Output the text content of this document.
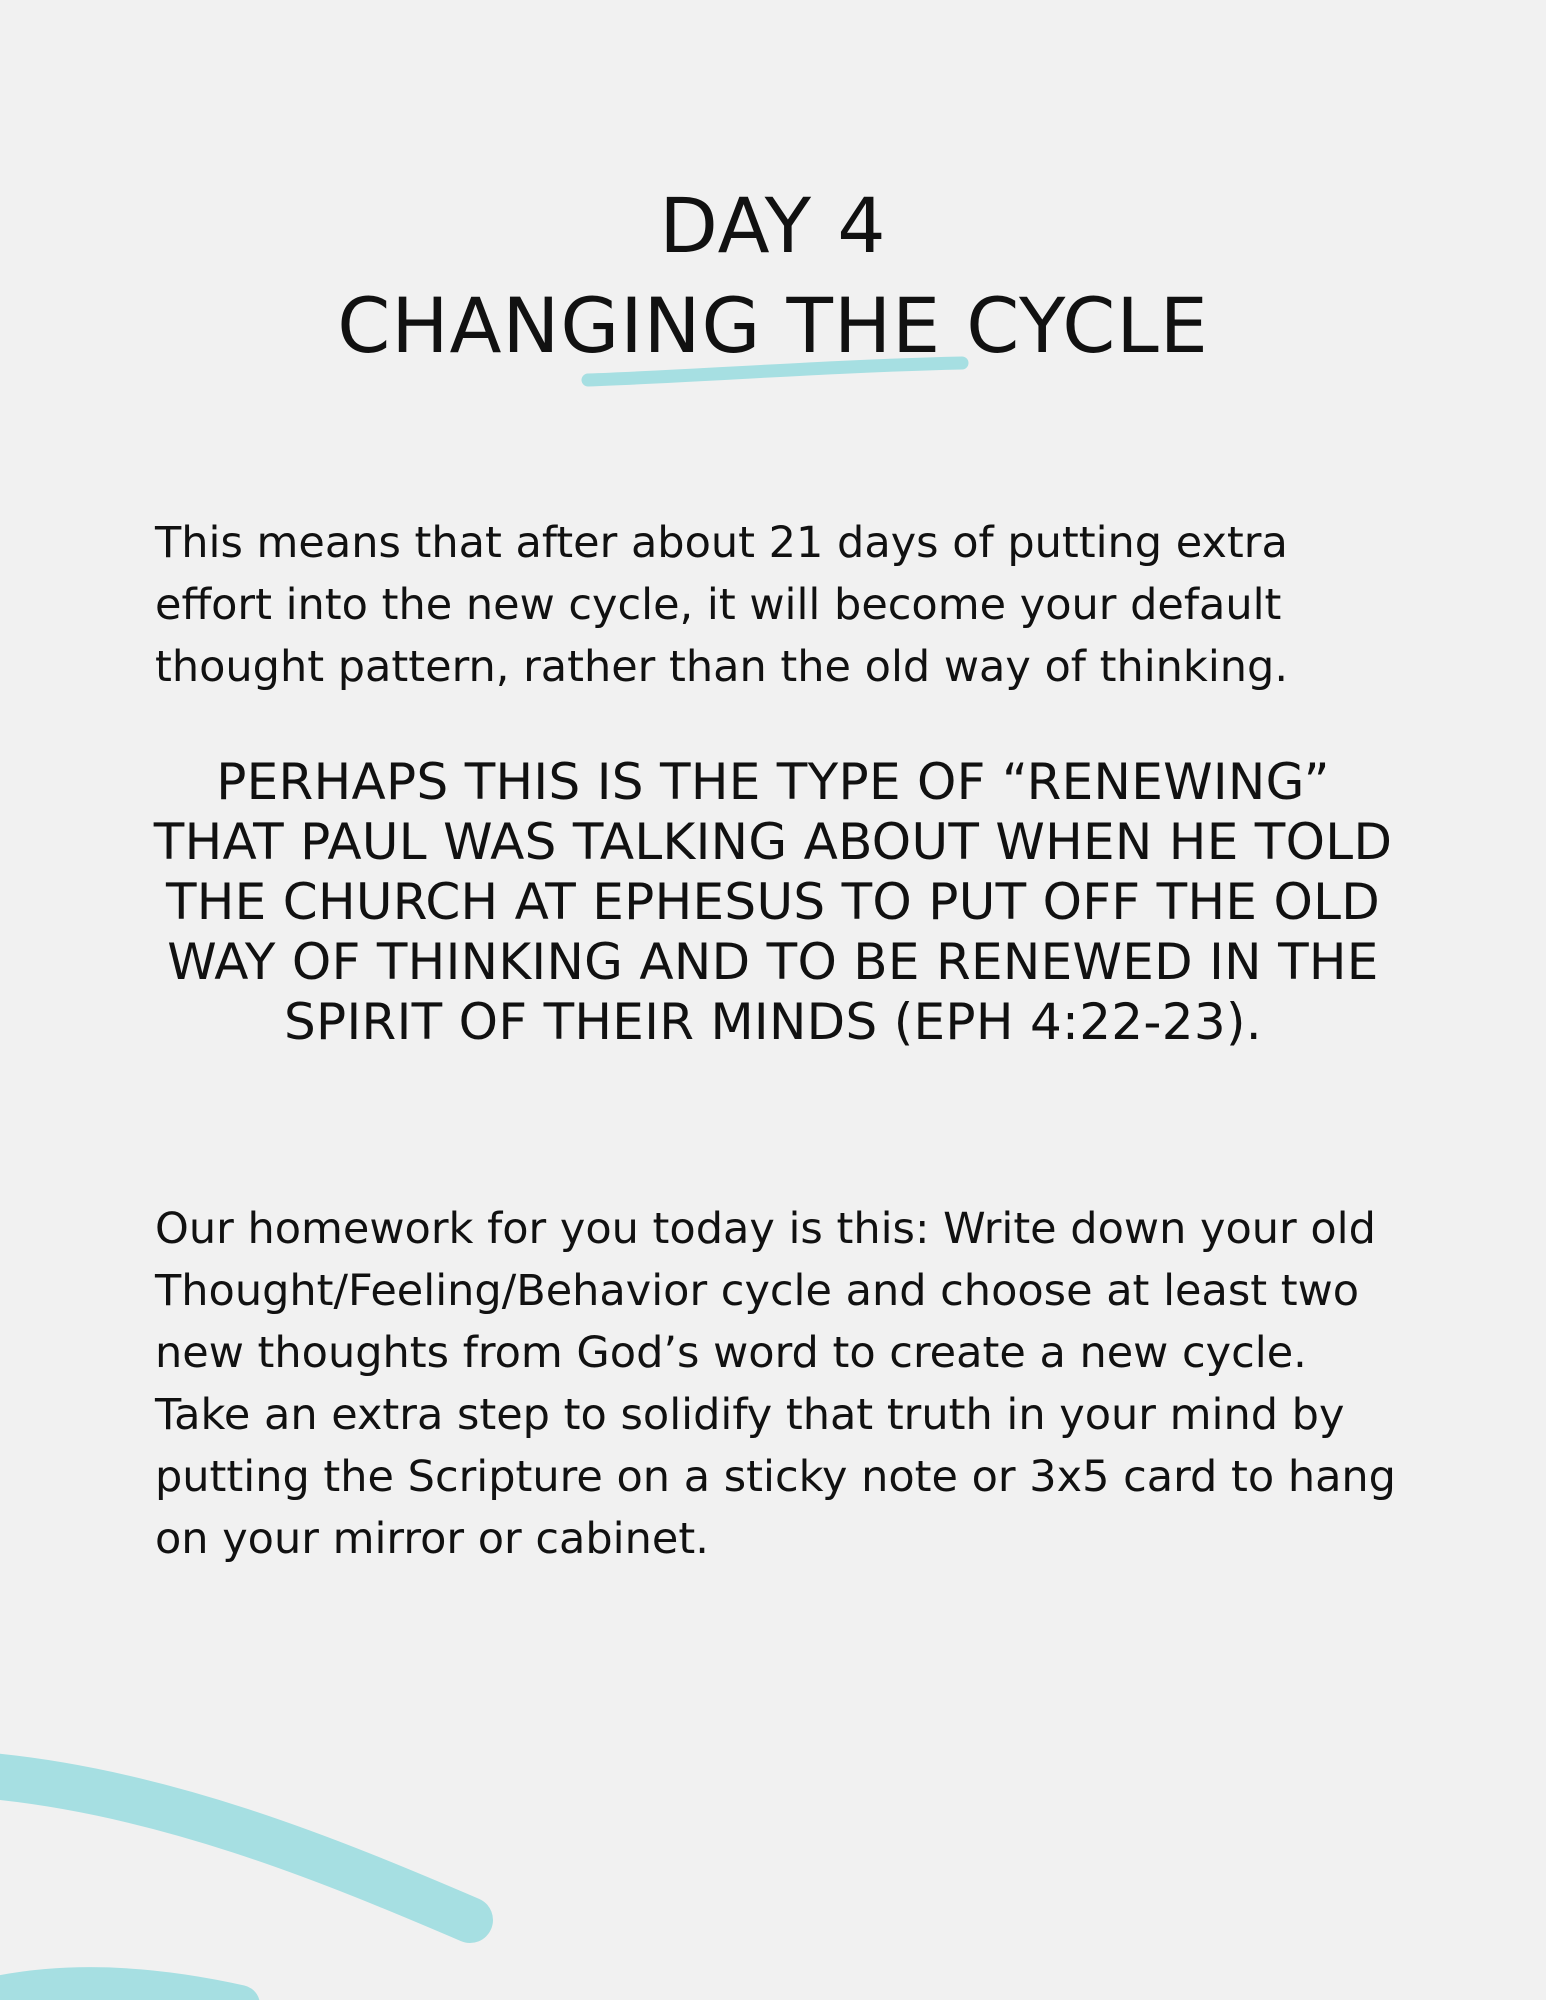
DAY 4
CHANGING THE CYCLE

This means that after about 21 days of putting extra effort into the new cycle, it will become your default thought pattern, rather than the old way of thinking.

PERHAPS THIS IS THE TYPE OF “RENEWING” THAT PAUL WAS TALKING ABOUT WHEN HE TOLD THE CHURCH AT EPHESUS TO PUT OFF THE OLD WAY OF THINKING AND TO BE RENEWED IN THE SPIRIT OF THEIR MINDS (EPH 4:22-23).

Our homework for you today is this: Write down your old Thought/Feeling/Behavior cycle and choose at least two new thoughts from God’s word to create a new cycle. Take an extra step to solidify that truth in your mind by putting the Scripture on a sticky note or 3x5 card to hang on your mirror or cabinet.
